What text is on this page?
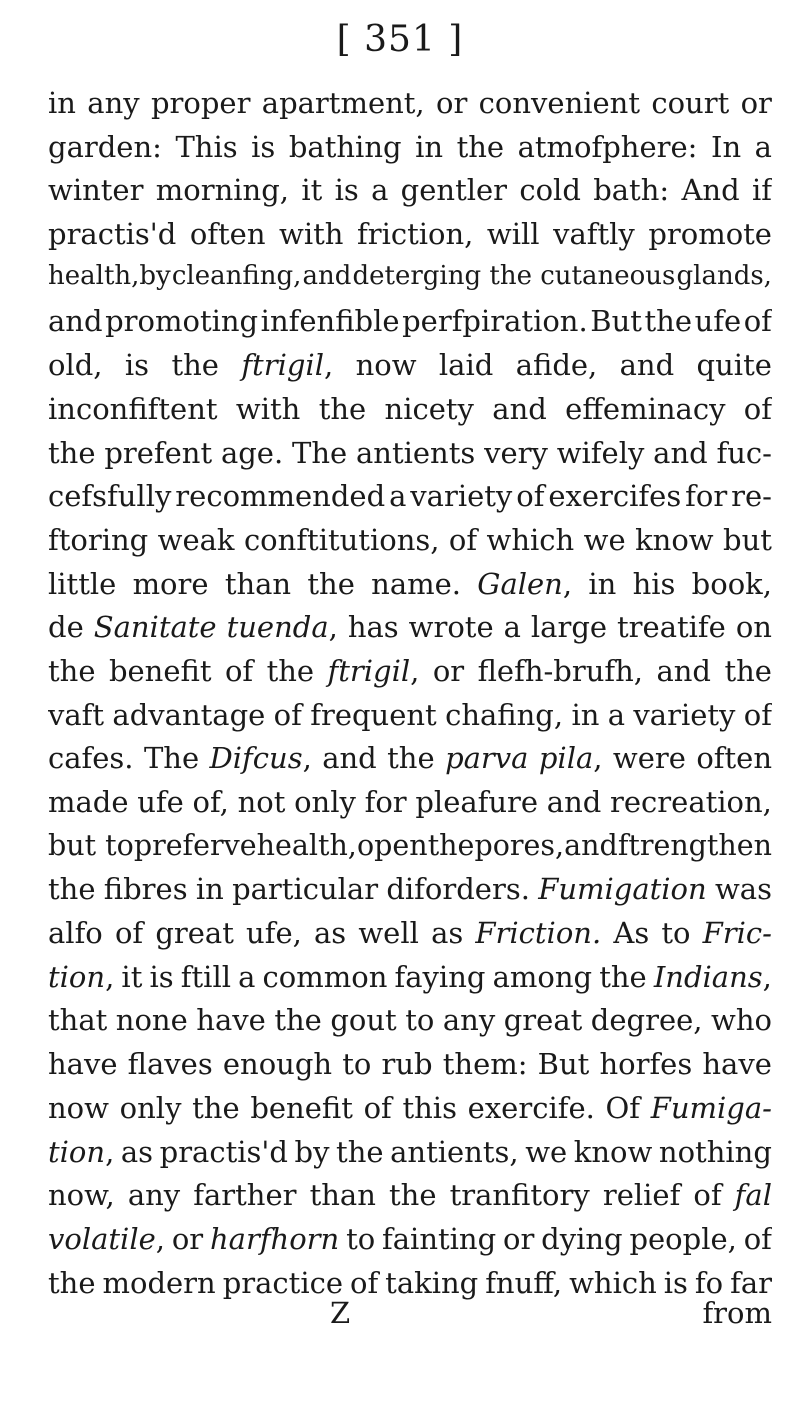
[ 351 ]
in any proper apartment, or convenient court or
garden: This is bathing in the atmofphere: In a
winter morning, it is a gentler cold bath: And if
practis'd often with friction, will vaftly promote
health,by cleanfing, and deterging the cutaneous glands,
and promoting infenfible perfpiration. But the ufe of
old, is the ftrigil, now laid afide, and quite
inconfiftent with the nicety and effeminacy of
the prefent age. The antients very wifely and fuc-
cefsfully recommended a variety of exercifes for re-
ftoring weak conftitutions, of which we know but
little more than the name. Galen, in his book,
de Sanitate tuenda, has wrote a large treatife on
the benefit of the ftrigil, or flefh-brufh, and the
vaft advantage of frequent chafing, in a variety of
cafes. The Difcus, and the parva pila, were often
made ufe of, not only for pleafure and recreation,
but to preferve health, open the pores, and ftrengthen
the fibres in particular diforders. Fumigation was
alfo of great ufe, as well as Friction. As to Fric-
tion, it is ftill a common faying among the Indians,
that none have the gout to any great degree, who
have flaves enough to rub them: But horfes have
now only the benefit of this exercife. Of Fumiga-
tion, as practis'd by the antients, we know nothing
now, any farther than the tranfitory relief of fal
volatile, or harfhorn to fainting or dying people, of
the modern practice of taking fnuff, which is fo far
Z	from
